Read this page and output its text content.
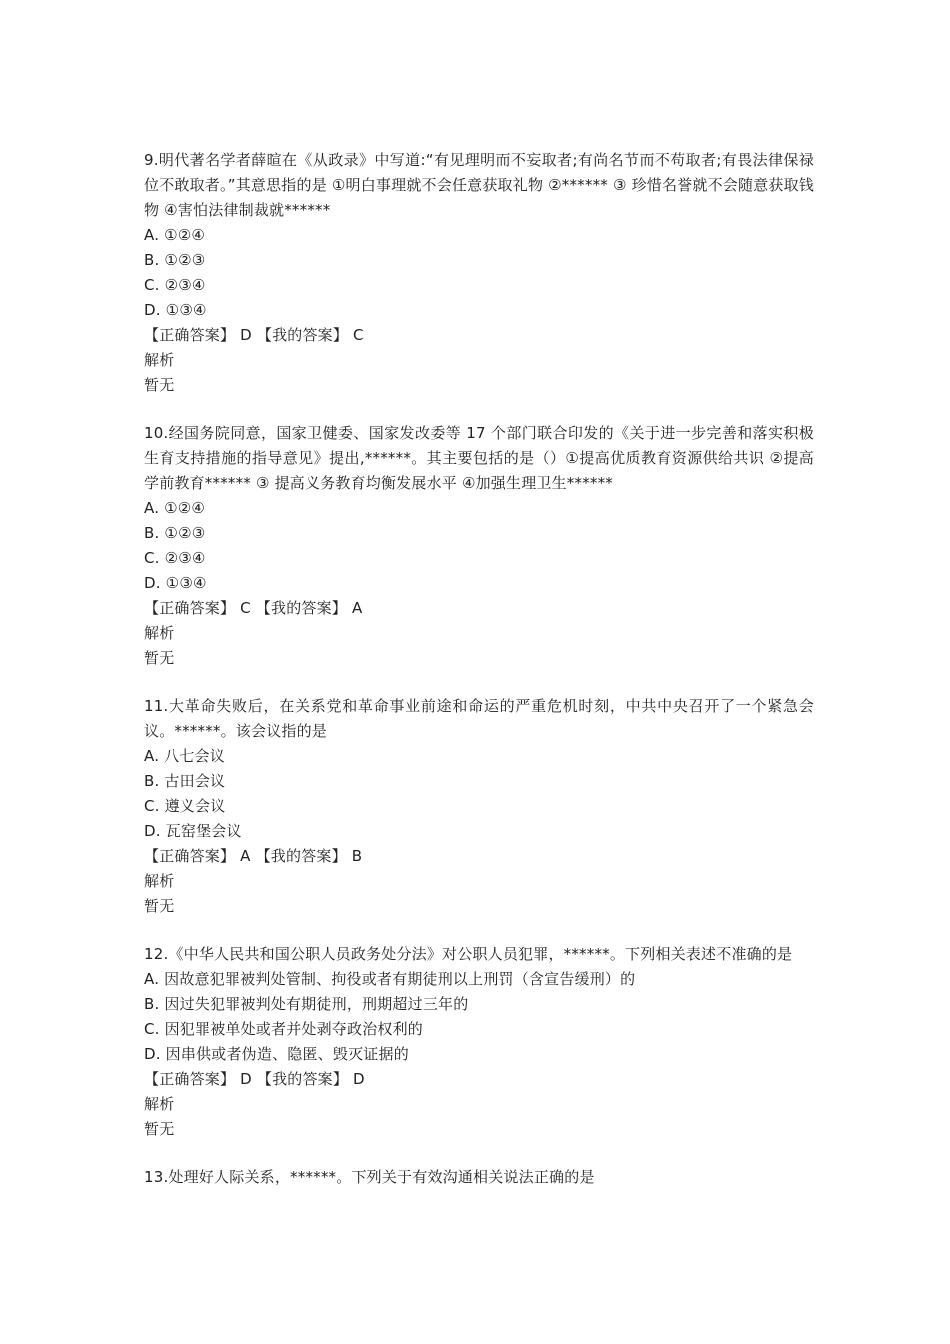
9.明代著名学者薛暄在《从政录》中写道:“有见理明而不妄取者;有尚名节而不苟取者;有畏法律保禄位不敢取者。”其意思指的是 ①明白事理就不会任意获取礼物 ②****** ③ 珍惜名誉就不会随意获取钱物 ④害怕法律制裁就******
A. ①②④
B. ①②③
C. ②③④
D. ①③④
【正确答案】 D 【我的答案】 C
解析
暂无
10.经国务院同意，国家卫健委、国家发改委等 17 个部门联合印发的《关于进一步完善和落实积极生育支持措施的指导意见》提出,******。其主要包括的是（）①提高优质教育资源供给共识 ②提高学前教育****** ③ 提高义务教育均衡发展水平 ④加强生理卫生******
A. ①②④
B. ①②③
C. ②③④
D. ①③④
【正确答案】 C 【我的答案】 A
解析
暂无
11.大革命失败后，在关系党和革命事业前途和命运的严重危机时刻，中共中央召开了一个紧急会议。******。该会议指的是
A. 八七会议
B. 古田会议
C. 遵义会议
D. 瓦窑堡会议
【正确答案】 A 【我的答案】 B
解析
暂无
12.《中华人民共和国公职人员政务处分法》对公职人员犯罪，******。下列相关表述不准确的是
A. 因故意犯罪被判处管制、拘役或者有期徒刑以上刑罚（含宣告缓刑）的
B. 因过失犯罪被判处有期徒刑，刑期超过三年的
C. 因犯罪被单处或者并处剥夺政治权利的
D. 因串供或者伪造、隐匿、毁灭证据的
【正确答案】 D 【我的答案】 D
解析
暂无
13.处理好人际关系，******。下列关于有效沟通相关说法正确的是
